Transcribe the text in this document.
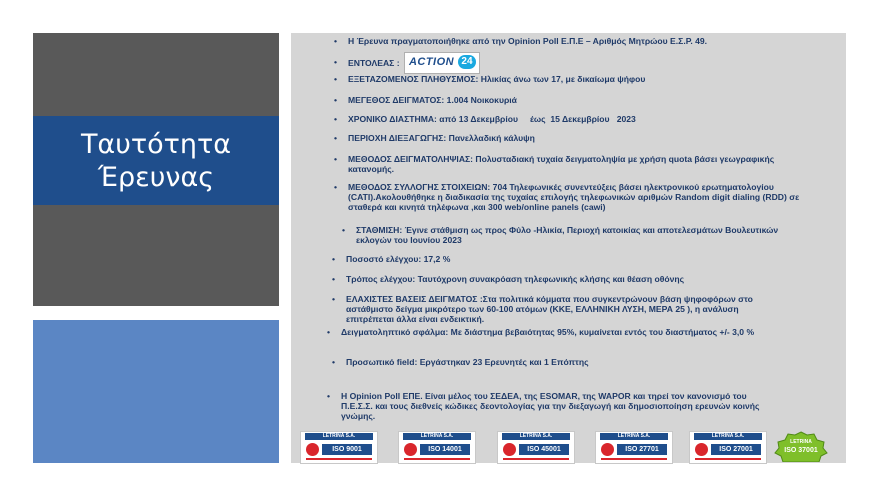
Ταυτότητα
Έρευνας
• Η Έρευνα πραγματοποιήθηκε από την Opinion Poll Ε.Π.Ε – Αριθμός Μητρώου Ε.Σ.Ρ. 49.
• ΕΝΤΟΛΕΑΣ : ACTION 24
• ΕΞΕΤΑΖΟΜΕΝΟΣ ΠΛΗΘΥΣΜΟΣ: Ηλικίας άνω των 17, με δικαίωμα ψήφου
• ΜΕΓΕΘΟΣ ΔΕΙΓΜΑΤΟΣ: 1.004 Νοικοκυριά
• ΧΡΟΝΙΚΟ ΔΙΑΣΤΗΜΑ: από 13 Δεκεμβρίου     έως  15 Δεκεμβρίου   2023
• ΠΕΡΙΟΧΗ ΔΙΕΞΑΓΩΓΗΣ: Πανελλαδική κάλυψη
• ΜΕΘΟΔΟΣ ΔΕΙΓΜΑΤΟΛΗΨΙΑΣ: Πολυσταδιακή τυχαία δειγματοληψία με χρήση quota βάσει γεωγραφικής κατανομής.
• ΜΕΘΟΔΟΣ ΣΥΛΛΟΓΗΣ ΣΤΟΙΧΕΙΩΝ: 704 Τηλεφωνικές συνεντεύξεις βάσει ηλεκτρονικού ερωτηματολογίου (CATI).Ακολουθήθηκε η διαδικασία της τυχαίας επιλογής τηλεφωνικών αριθμών Random digit dialing (RDD) σε σταθερά και κινητά τηλέφωνα ,και 300 web/online panels (cawi)
• ΣΤΑΘΜΙΣΗ: Έγινε στάθμιση ως προς Φύλο -Ηλικία, Περιοχή κατοικίας και αποτελεσμάτων Βουλευτικών εκλογών του Ιουνίου 2023
• Ποσοστό ελέγχου: 17,2 %
• Τρόπος ελέγχου: Ταυτόχρονη συνακρόαση τηλεφωνικής κλήσης και θέαση οθόνης
• ΕΛΑΧΙΣΤΕΣ ΒΑΣΕΙΣ ΔΕΙΓΜΑΤΟΣ :Στα πολιτικά κόμματα που συγκεντρώνουν βάση ψηφοφόρων στο αστάθμιστο δείγμα μικρότερο των 60-100 ατόμων (ΚΚΕ, ΕΛΛΗΝΙΚΗ ΛΥΣΗ, ΜΕΡΑ 25 ), η ανάλυση επιτρέπεται άλλα είναι ενδεικτική.
• Δειγματοληπτικό σφάλμα: Με διάστημα βεβαιότητας 95%, κυμαίνεται εντός του διαστήματος +/- 3,0 %
• Προσωπικό field: Εργάστηκαν 23 Ερευνητές και 1 Επόπτης
• Η Opinion Poll ΕΠΕ. Είναι μέλος του ΣΕΔΕΑ, της ESOMAR, της WAPOR και τηρεί τον κανονισμό του Π.Ε.Σ.Σ. και τους διεθνείς κώδικες δεοντολογίας για την διεξαγωγή και δημοσιοποίηση ερευνών κοινής γνώμης.
LETRINA S.A.
ISO 9001
LETRINA S.A.
ISO 14001
LETRINA S.A.
ISO 45001
LETRINA S.A.
ISO 27701
LETRINA S.A.
ISO 27001
LETRINA
ISO 37001
